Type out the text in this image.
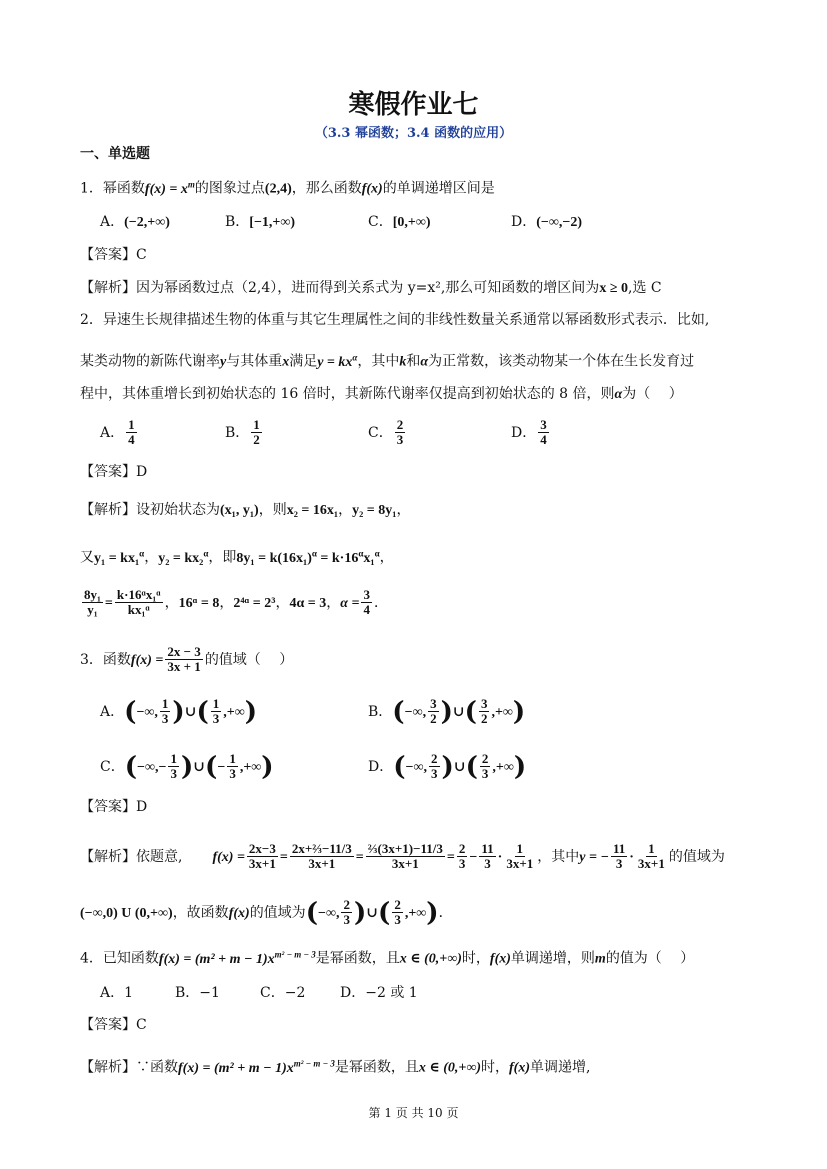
寒假作业七
（3.3 幂函数；3.4 函数的应用）
一、单选题
1．幂函数$f(x) = x^m$的图象过点(2,4)，那么函数f(x)的单调递增区间是
A．(−2,+∞)	B．[−1,+∞)	C．[0,+∞)	D．(−∞,−2)
【答案】C
【解析】因为幂函数过点（2,4），进而得到关系式为 y=x²,那么可知函数的增区间为x ≥ 0,选 C
2．异速生长规律描述生物的体重与其它生理属性之间的非线性数量关系通常以幂函数形式表示．比如,
某类动物的新陈代谢率y与其体重x满足$y = kx^\alpha$，其中k和α为正常数，该类动物某一个体在生长发育过
程中，其体重增长到初始状态的 16 倍时，其新陈代谢率仅提高到初始状态的 8 倍，则α为（　 ）
A． $\frac{1}{4}$	B． $\frac{1}{2}$	C． $\frac{2}{3}$	D． $\frac{3}{4}$
【答案】D
【解析】设初始状态为(x₁, y₁)，则x₂ = 16x₁，y₂ = 8y₁，
又y₁ = kx₁$^\alpha$，y₂ = kx₂$^\alpha$，即$8y_1 = k(16x_1)^\alpha = k\cdot 16^\alpha x_1^\alpha$，
$\frac{\text{8y₁}}{\text{y₁}} = \frac{\text{k·16ᵅx₁ᵅ}}{\text{kx₁ᵅ}}$ ，16ᵅ = 8，2⁴ᵅ = 2³，4α = 3，$\alpha = \frac{3}{4}$ ．
3．函数$f(x) = \frac{2x - 3}{3x + 1}$ 的值域（　 ）
A．(−∞, $\frac{1}{3}$ )∪( $\frac{1}{3}$ ,+∞)	B．(−∞, $\frac{3}{2}$ )∪( $\frac{3}{2}$ ,+∞)
C．(−∞,− $\frac{1}{3}$ )∪(− $\frac{1}{3}$ ,+∞)	D．(−∞, $\frac{2}{3}$ )∪( $\frac{2}{3}$ ,+∞)
【答案】D
【解析】依题意, $f(x) = \frac{2x-3}{3x+1} = \frac{\text{2x+⅔−11/3}}{3x+1} = \frac{\text{⅔(3x+1)−11/3}}{3x+1} = \frac{2}{3} - \frac{11}{3} \cdot \frac{1}{3x+1}$ ，其中y = − $\frac{11}{3} \cdot \frac{1}{3x+1}$ 的值域为
(−∞,0) U (0,+∞)，故函数f(x)的值域为(−∞, $\frac{2}{3}$ )∪( $\frac{2}{3}$ ,+∞)．
4．已知函数$f(x) = (m^2 + m - 1)x^{m^2 - m - 3}$是幂函数，且x ∈ (0,+∞)时，f(x)单调递增，则m的值为（　 ）
A．1	B．−1	C．−2 D．−2 或 1
【答案】C
【解析】∵函数$f(x) = (m^2 + m - 1)x^{m^2 - m - 3}$是幂函数，且x ∈ (0,+∞)时，f(x)单调递增,
第 1 页 共 10 页
